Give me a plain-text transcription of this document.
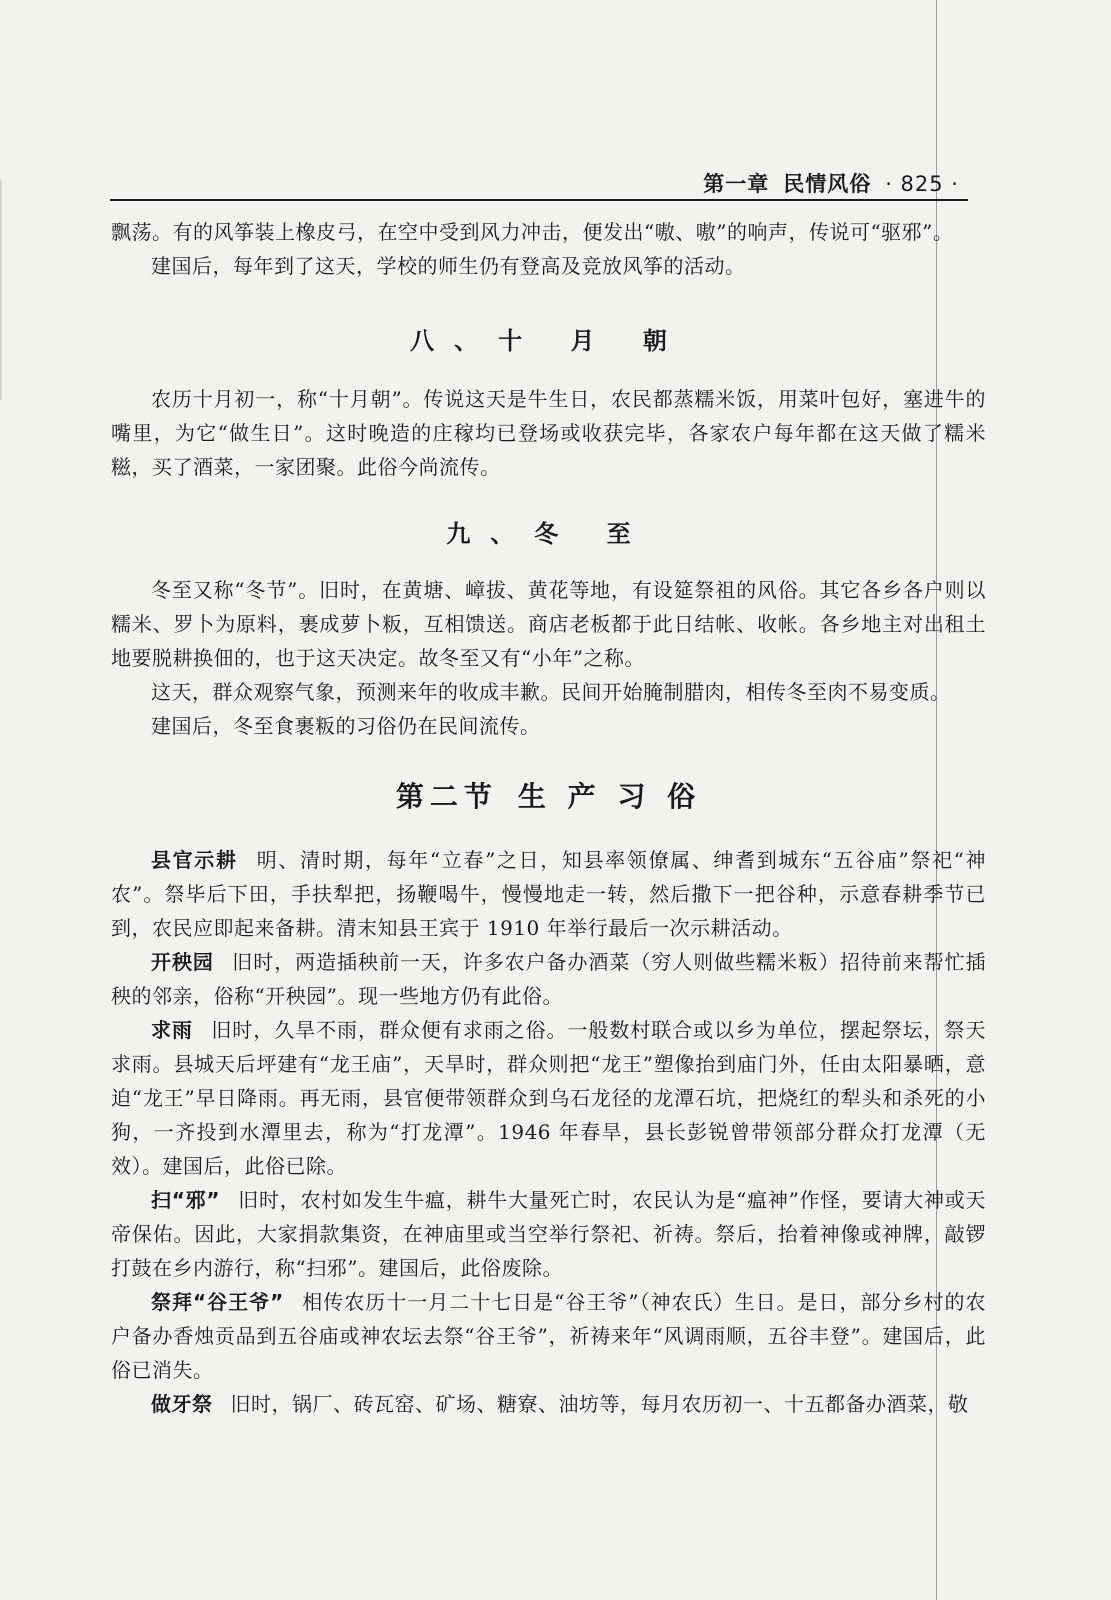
第一章 民情风俗 · 825 ·

飘荡。有的风筝装上橡皮弓，在空中受到风力冲击，便发出“嗷、嗷”的响声，传说可“驱邪”。

建国后，每年到了这天，学校的师生仍有登高及竞放风筝的活动。

八、十 月 朝

农历十月初一，称“十月朝”。传说这天是牛生日，农民都蒸糯米饭，用菜叶包好，塞进牛的嘴里，为它“做生日”。这时晚造的庄稼均已登场或收获完毕，各家农户每年都在这天做了糯米糍，买了酒菜，一家团聚。此俗今尚流传。

九、冬 至

冬至又称“冬节”。旧时，在黄塘、嶂拔、黄花等地，有设筵祭祖的风俗。其它各乡各户则以糯米、罗卜为原料，裹成萝卜粄，互相馈送。商店老板都于此日结帐、收帐。各乡地主对出租土地要脱耕换佃的，也于这天决定。故冬至又有“小年”之称。

这天，群众观察气象，预测来年的收成丰歉。民间开始腌制腊肉，相传冬至肉不易变质。

建国后，冬至食裹粄的习俗仍在民间流传。

第二节 生 产 习 俗

县官示耕 明、清时期，每年“立春”之日，知县率领僚属、绅耆到城东“五谷庙”祭祀“神农”。祭毕后下田，手扶犁把，扬鞭喝牛，慢慢地走一转，然后撒下一把谷种，示意春耕季节已到，农民应即起来备耕。清末知县王宾于 1910 年举行最后一次示耕活动。

开秧园 旧时，两造插秧前一天，许多农户备办酒菜（穷人则做些糯米粄）招待前来帮忙插秧的邻亲，俗称“开秧园”。现一些地方仍有此俗。

求雨 旧时，久旱不雨，群众便有求雨之俗。一般数村联合或以乡为单位，摆起祭坛，祭天求雨。县城天后坪建有“龙王庙”，天旱时，群众则把“龙王”塑像抬到庙门外，任由太阳暴晒，意迫“龙王”早日降雨。再无雨，县官便带领群众到乌石龙径的龙潭石坑，把烧红的犁头和杀死的小狗，一齐投到水潭里去，称为“打龙潭”。1946 年春旱，县长彭锐曾带领部分群众打龙潭（无效）。建国后，此俗已除。

扫“邪” 旧时，农村如发生牛瘟，耕牛大量死亡时，农民认为是“瘟神”作怪，要请大神或天帝保佑。因此，大家捐款集资，在神庙里或当空举行祭祀、祈祷。祭后，抬着神像或神牌，敲锣打鼓在乡内游行，称“扫邪”。建国后，此俗废除。

祭拜“谷王爷” 相传农历十一月二十七日是“谷王爷”（神农氏）生日。是日，部分乡村的农户备办香烛贡品到五谷庙或神农坛去祭“谷王爷”，祈祷来年“风调雨顺，五谷丰登”。建国后，此俗已消失。

做牙祭 旧时，锅厂、砖瓦窑、矿场、糖寮、油坊等，每月农历初一、十五都备办酒菜，敬
